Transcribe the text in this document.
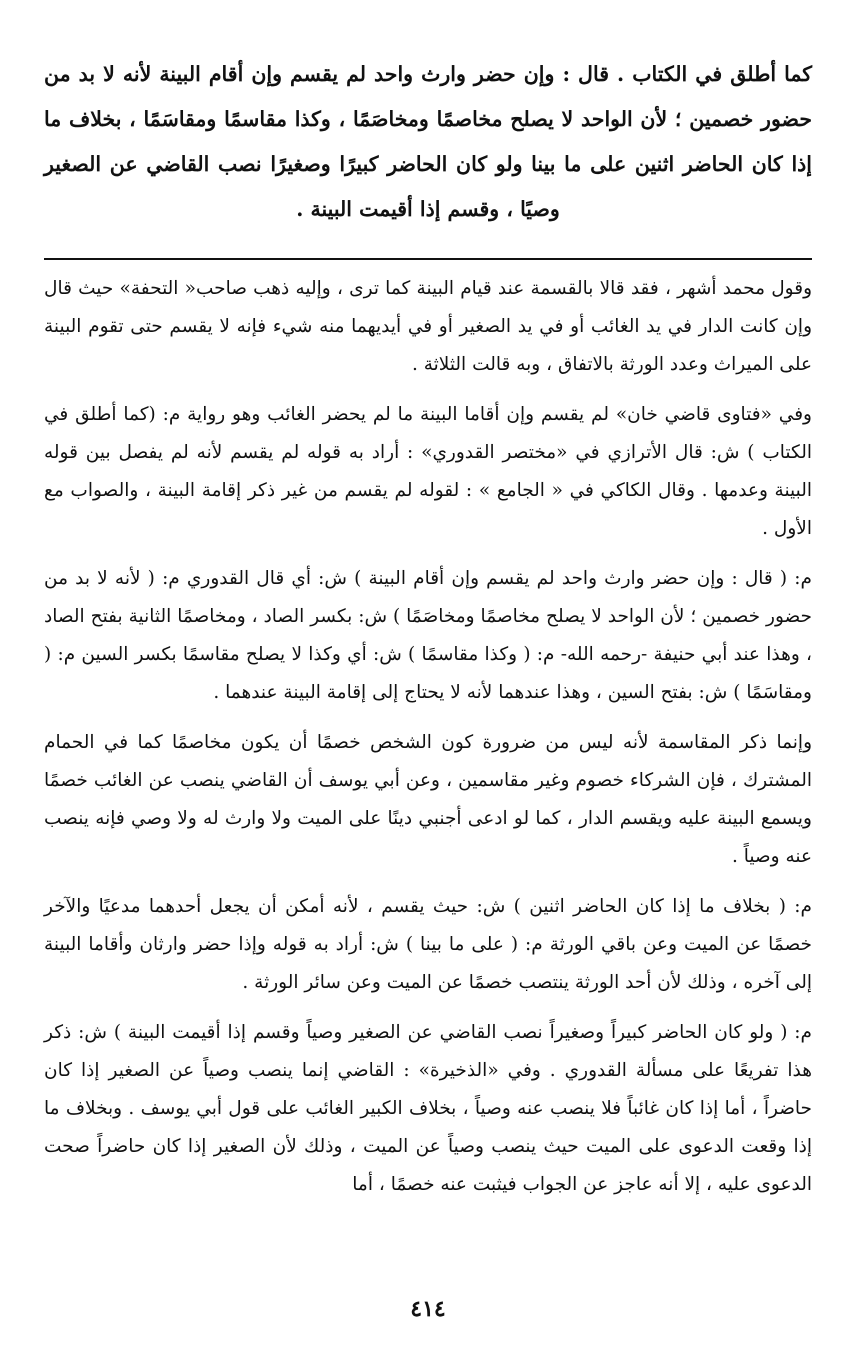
كما أطلق في الكتاب . قال : وإن حضر وارث واحد لم يقسم وإن أقام البينة لأنه لا بد من حضور خصمين ؛ لأن الواحد لا يصلح مخاصمًا ومخاصَمًا ، وكذا مقاسمًا ومقاسَمًا ، بخلاف ما إذا كان الحاضر اثنين على ما بينا ولو كان الحاضر كبيرًا وصغيرًا نصب القاضي عن الصغير وصيًا ، وقسم إذا أقيمت البينة .

وقول محمد أشهر ، فقد قالا بالقسمة عند قيام البينة كما ترى ، وإليه ذهب صاحب« التحفة» حيث قال وإن كانت الدار في يد الغائب أو في يد الصغير أو في أيديهما منه شيء فإنه لا يقسم حتى تقوم البينة على الميراث وعدد الورثة بالاتفاق ، وبه قالت الثلاثة .

وفي «فتاوى قاضي خان» لم يقسم وإن أقاما البينة ما لم يحضر الغائب وهو رواية م: (كما أطلق في الكتاب ) ش: قال الأترازي في «مختصر القدوري» : أراد به قوله لم يقسم لأنه لم يفصل بين قوله البينة وعدمها . وقال الكاكي في « الجامع » : لقوله لم يقسم من غير ذكر إقامة البينة ، والصواب مع الأول .

م: ( قال : وإن حضر وارث واحد لم يقسم وإن أقام البينة ) ش: أي قال القدوري م: ( لأنه لا بد من حضور خصمين ؛ لأن الواحد لا يصلح مخاصمًا ومخاصَمًا ) ش: بكسر الصاد ، ومخاصمًا الثانية بفتح الصاد ، وهذا عند أبي حنيفة -رحمه الله- م: ( وكذا مقاسمًا ) ش: أي وكذا لا يصلح مقاسمًا بكسر السين م: ( ومقاسَمًا ) ش: بفتح السين ، وهذا عندهما لأنه لا يحتاج إلى إقامة البينة عندهما .

وإنما ذكر المقاسمة لأنه ليس من ضرورة كون الشخص خصمًا أن يكون مخاصمًا كما في الحمام المشترك ، فإن الشركاء خصوم وغير مقاسمين ، وعن أبي يوسف أن القاضي ينصب عن الغائب خصمًا ويسمع البينة عليه ويقسم الدار ، كما لو ادعى أجنبي دينًا على الميت ولا وارث له ولا وصي فإنه ينصب عنه وصياً .

م: ( بخلاف ما إذا كان الحاضر اثنين ) ش: حيث يقسم ، لأنه أمكن أن يجعل أحدهما مدعيًا والآخر خصمًا عن الميت وعن باقي الورثة م: ( على ما بينا ) ش: أراد به قوله وإذا حضر وارثان وأقاما البينة إلى آخره ، وذلك لأن أحد الورثة ينتصب خصمًا عن الميت وعن سائر الورثة .

م: ( ولو كان الحاضر كبيراً وصغيراً نصب القاضي عن الصغير وصياً وقسم إذا أقيمت البينة ) ش: ذكر هذا تفريعًا على مسألة القدوري . وفي «الذخيرة» : القاضي إنما ينصب وصياً عن الصغير إذا كان حاضراً ، أما إذا كان غائباً فلا ينصب عنه وصياً ، بخلاف الكبير الغائب على قول أبي يوسف . وبخلاف ما إذا وقعت الدعوى على الميت حيث ينصب وصياً عن الميت ، وذلك لأن الصغير إذا كان حاضراً صحت الدعوى عليه ، إلا أنه عاجز عن الجواب فيثبت عنه خصمًا ، أما

٤١٤
